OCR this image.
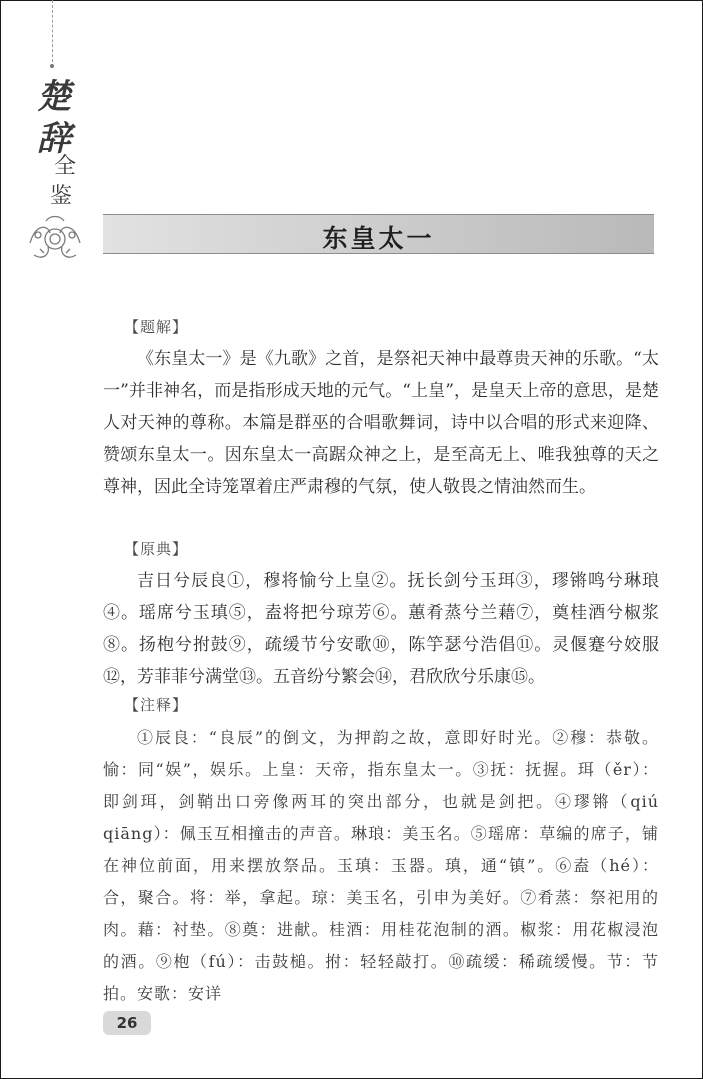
楚
辞
全
鉴
东皇太一
【题解】

《东皇太一》是《九歌》之首，是祭祀天神中最尊贵天神的乐歌。“太一”并非神名，而是指形成天地的元气。“上皇”，是皇天上帝的意思，是楚人对天神的尊称。本篇是群巫的合唱歌舞词，诗中以合唱的形式来迎降、赞颂东皇太一。因东皇太一高踞众神之上，是至高无上、唯我独尊的天之尊神，因此全诗笼罩着庄严肃穆的气氛，使人敬畏之情油然而生。

【原典】

吉日兮辰良①，穆将愉兮上皇②。抚长剑兮玉珥③，璆锵鸣兮琳琅④。瑶席兮玉瑱⑤，盍将把兮琼芳⑥。蕙肴蒸兮兰藉⑦，奠桂酒兮椒浆⑧。扬枹兮拊鼓⑨，疏缓节兮安歌⑩，陈竽瑟兮浩倡⑪。灵偃蹇兮姣服⑫，芳菲菲兮满堂⑬。五音纷兮繁会⑭，君欣欣兮乐康⑮。

【注释】

①辰良：“良辰”的倒文，为押韵之故，意即好时光。②穆：恭敬。愉：同“娱”，娱乐。上皇：天帝，指东皇太一。③抚：抚握。珥（ěr）：即剑珥，剑鞘出口旁像两耳的突出部分，也就是剑把。④璆锵（qiú qiāng）：佩玉互相撞击的声音。琳琅：美玉名。⑤瑶席：草编的席子，铺在神位前面，用来摆放祭品。玉瑱：玉器。瑱，通“镇”。⑥盍（hé）：合，聚合。将：举，拿起。琼：美玉名，引申为美好。⑦肴蒸：祭祀用的肉。藉：衬垫。⑧奠：进献。桂酒：用桂花泡制的酒。椒浆：用花椒浸泡的酒。⑨枹（fú）：击鼓槌。拊：轻轻敲打。⑩疏缓：稀疏缓慢。节：节拍。安歌：安详

26
